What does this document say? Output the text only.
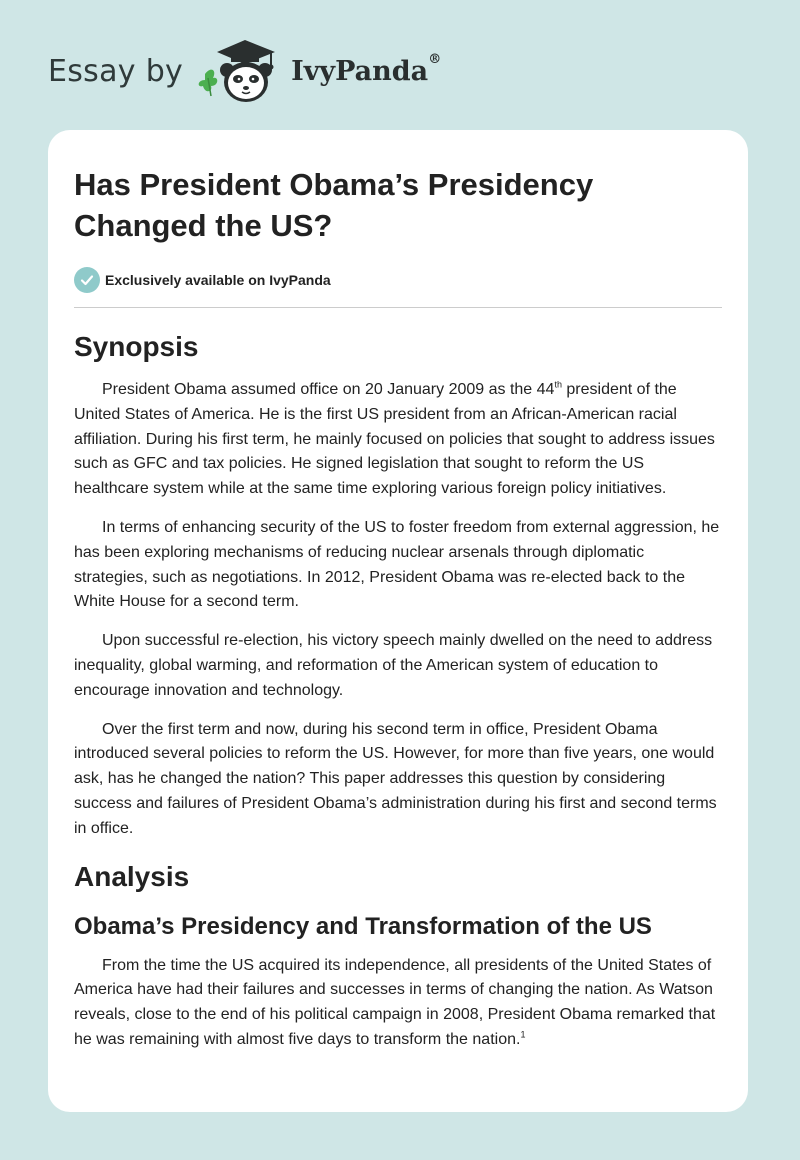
Essay by	IvyPanda®
Has President Obama’s Presidency Changed the US?
Exclusively available on IvyPanda
Synopsis

President Obama assumed office on 20 January 2009 as the 44th president of the United States of America. He is the first US president from an African-American racial affiliation. During his first term, he mainly focused on policies that sought to address issues such as GFC and tax policies. He signed legislation that sought to reform the US healthcare system while at the same time exploring various foreign policy initiatives.

In terms of enhancing security of the US to foster freedom from external aggression, he has been exploring mechanisms of reducing nuclear arsenals through diplomatic strategies, such as negotiations. In 2012, President Obama was re-elected back to the White House for a second term.

Upon successful re-election, his victory speech mainly dwelled on the need to address inequality, global warming, and reformation of the American system of education to encourage innovation and technology.

Over the first term and now, during his second term in office, President Obama introduced several policies to reform the US. However, for more than five years, one would ask, has he changed the nation? This paper addresses this question by considering success and failures of President Obama’s administration during his first and second terms in office.

Analysis
Obama’s Presidency and Transformation of the US

From the time the US acquired its independence, all presidents of the United States of America have had their failures and successes in terms of changing the nation. As Watson reveals, close to the end of his political campaign in 2008, President Obama remarked that he was remaining with almost five days to transform the nation.$^1$
